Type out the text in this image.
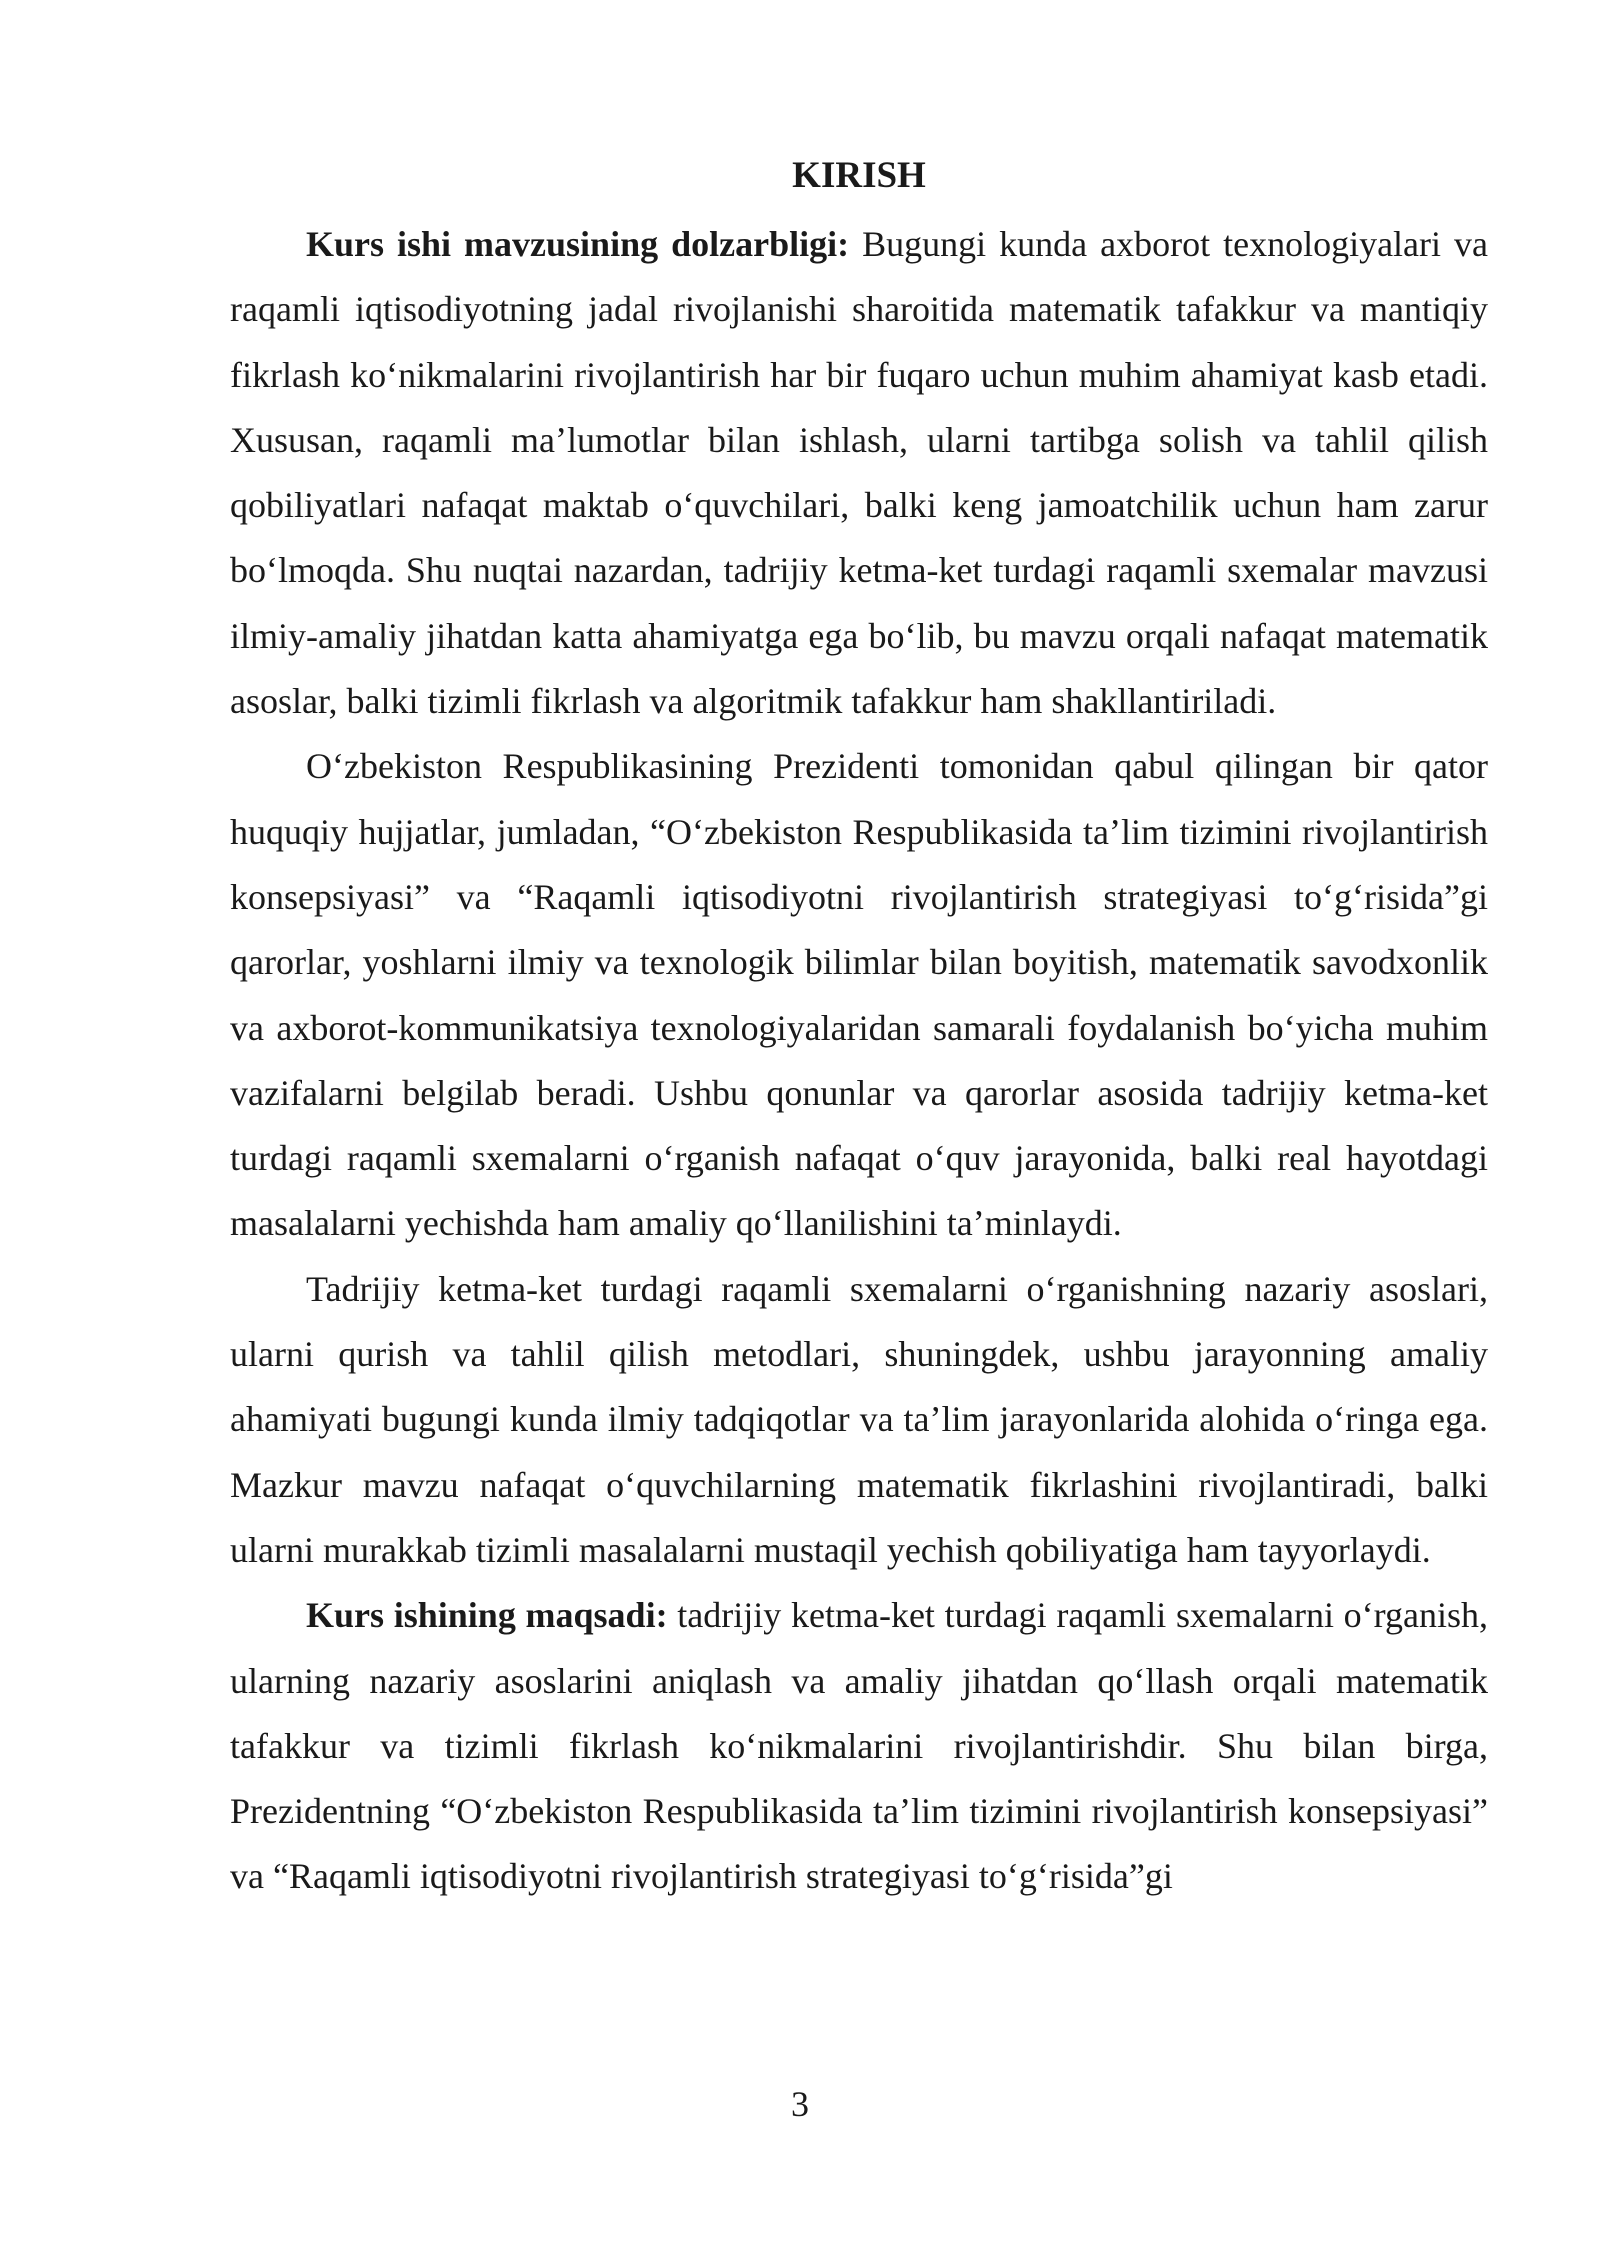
KIRISH

Kurs ishi mavzusining dolzarbligi: Bugungi kunda axborot texnologiyalari va raqamli iqtisodiyotning jadal rivojlanishi sharoitida matematik tafakkur va mantiqiy fikrlash koʻnikmalarini rivojlantirish har bir fuqaro uchun muhim ahamiyat kasb etadi. Xususan, raqamli maʼlumotlar bilan ishlash, ularni tartibga solish va tahlil qilish qobiliyatlari nafaqat maktab oʻquvchilari, balki keng jamoatchilik uchun ham zarur boʻlmoqda. Shu nuqtai nazardan, tadrijiy ketma-ket turdagi raqamli sxemalar mavzusi ilmiy-amaliy jihatdan katta ahamiyatga ega boʻlib, bu mavzu orqali nafaqat matematik asoslar, balki tizimli fikrlash va algoritmik tafakkur ham shakllantiriladi.

Oʻzbekiston Respublikasining Prezidenti tomonidan qabul qilingan bir qator huquqiy hujjatlar, jumladan, “Oʻzbekiston Respublikasida taʼlim tizimini rivojlantirish konsepsiyasi” va “Raqamli iqtisodiyotni rivojlantirish strategiyasi toʻgʻrisida”gi qarorlar, yoshlarni ilmiy va texnologik bilimlar bilan boyitish, matematik savodxonlik va axborot-kommunikatsiya texnologiyalaridan samarali foydalanish boʻyicha muhim vazifalarni belgilab beradi. Ushbu qonunlar va qarorlar asosida tadrijiy ketma-ket turdagi raqamli sxemalarni oʻrganish nafaqat oʻquv jarayonida, balki real hayotdagi masalalarni yechishda ham amaliy qoʻllanilishini taʼminlaydi.

Tadrijiy ketma-ket turdagi raqamli sxemalarni oʻrganishning nazariy asoslari, ularni qurish va tahlil qilish metodlari, shuningdek, ushbu jarayonning amaliy ahamiyati bugungi kunda ilmiy tadqiqotlar va taʼlim jarayonlarida alohida oʻringa ega. Mazkur mavzu nafaqat oʻquvchilarning matematik fikrlashini rivojlantiradi, balki ularni murakkab tizimli masalalarni mustaqil yechish qobiliyatiga ham tayyorlaydi.

Kurs ishining maqsadi: tadrijiy ketma-ket turdagi raqamli sxemalarni oʻrganish, ularning nazariy asoslarini aniqlash va amaliy jihatdan qoʻllash orqali matematik tafakkur va tizimli fikrlash koʻnikmalarini rivojlantirishdir. Shu bilan birga, Prezidentning “Oʻzbekiston Respublikasida taʼlim tizimini rivojlantirish konsepsiyasi” va “Raqamli iqtisodiyotni rivojlantirish strategiyasi toʻgʻrisida”gi

3
